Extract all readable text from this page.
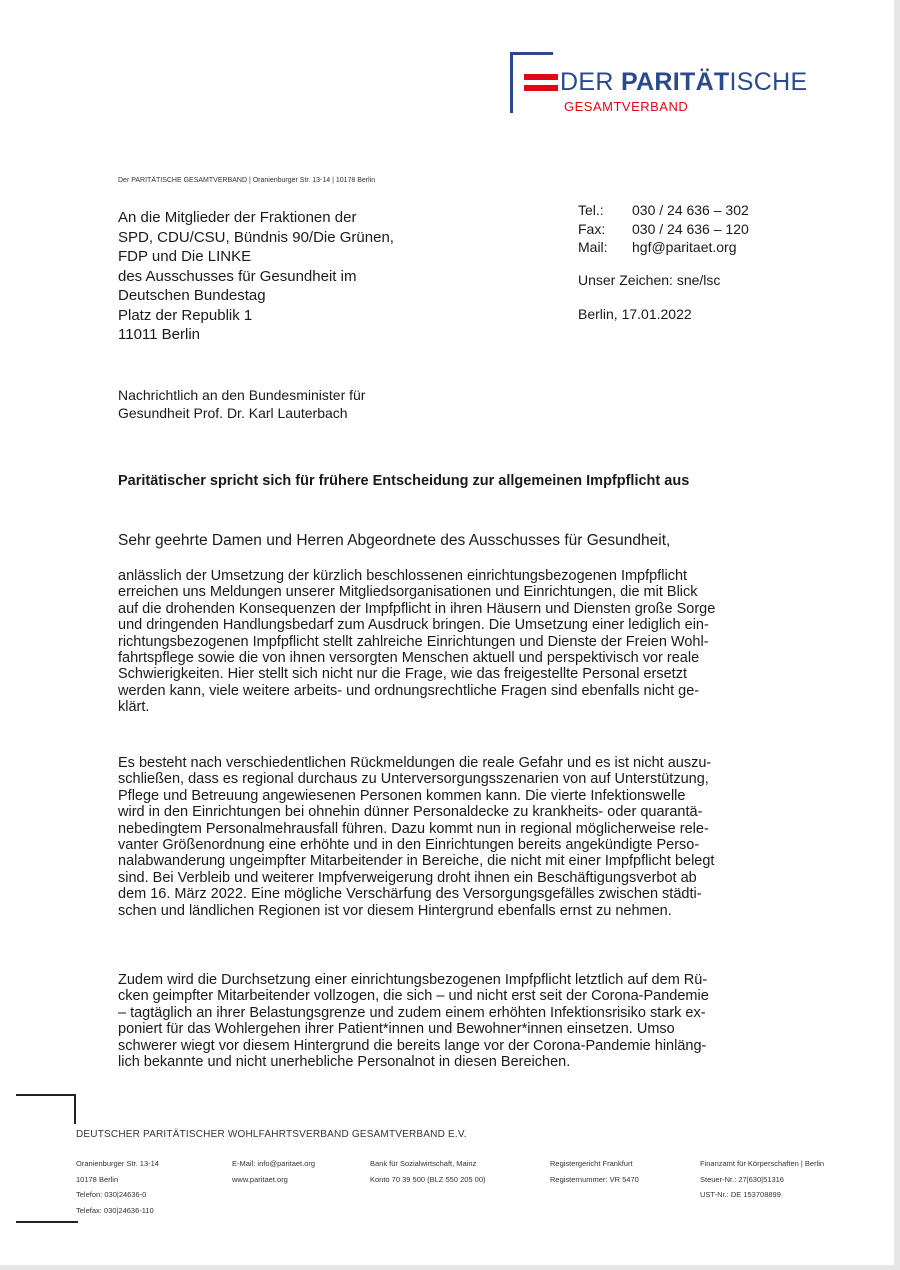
DER PARITÄTISCHE
GESAMTVERBAND
Der PARITÄTISCHE GESAMTVERBAND | Oranienburger Str. 13-14 | 10178 Berlin
An die Mitglieder der Fraktionen der
SPD, CDU/CSU, Bündnis 90/Die Grünen,
FDP und Die LINKE
des Ausschusses für Gesundheit im
Deutschen Bundestag
Platz der Republik 1
11011 Berlin
Tel.: 030 / 24 636 – 302
Fax: 030 / 24 636 – 120
Mail: hgf@paritaet.org
Unser Zeichen: sne/lsc
Berlin, 17.01.2022
Nachrichtlich an den Bundesminister für
Gesundheit Prof. Dr. Karl Lauterbach
Paritätischer spricht sich für frühere Entscheidung zur allgemeinen Impfpflicht aus
Sehr geehrte Damen und Herren Abgeordnete des Ausschusses für Gesundheit,
anlässlich der Umsetzung der kürzlich beschlossenen einrichtungsbezogenen Impfpflicht
erreichen uns Meldungen unserer Mitgliedsorganisationen und Einrichtungen, die mit Blick
auf die drohenden Konsequenzen der Impfpflicht in ihren Häusern und Diensten große Sorge
und dringenden Handlungsbedarf zum Ausdruck bringen. Die Umsetzung einer lediglich ein-
richtungsbezogenen Impfpflicht stellt zahlreiche Einrichtungen und Dienste der Freien Wohl-
fahrtspflege sowie die von ihnen versorgten Menschen aktuell und perspektivisch vor reale
Schwierigkeiten. Hier stellt sich nicht nur die Frage, wie das freigestellte Personal ersetzt
werden kann, viele weitere arbeits- und ordnungsrechtliche Fragen sind ebenfalls nicht ge-
klärt.
Es besteht nach verschiedentlichen Rückmeldungen die reale Gefahr und es ist nicht auszu-
schließen, dass es regional durchaus zu Unterversorgungsszenarien von auf Unterstützung,
Pflege und Betreuung angewiesenen Personen kommen kann. Die vierte Infektionswelle
wird in den Einrichtungen bei ohnehin dünner Personaldecke zu krankheits- oder quarantä-
nebedingtem Personalmehrausfall führen. Dazu kommt nun in regional möglicherweise rele-
vanter Größenordnung eine erhöhte und in den Einrichtungen bereits angekündigte Perso-
nalabwanderung ungeimpfter Mitarbeitender in Bereiche, die nicht mit einer Impfpflicht belegt
sind. Bei Verbleib und weiterer Impfverweigerung droht ihnen ein Beschäftigungsverbot ab
dem 16. März 2022. Eine mögliche Verschärfung des Versorgungsgefälles zwischen städti-
schen und ländlichen Regionen ist vor diesem Hintergrund ebenfalls ernst zu nehmen.
Zudem wird die Durchsetzung einer einrichtungsbezogenen Impfpflicht letztlich auf dem Rü-
cken geimpfter Mitarbeitender vollzogen, die sich – und nicht erst seit der Corona-Pandemie
– tagtäglich an ihrer Belastungsgrenze und zudem einem erhöhten Infektionsrisiko stark ex-
poniert für das Wohlergehen ihrer Patient*innen und Bewohner*innen einsetzen. Umso
schwerer wiegt vor diesem Hintergrund die bereits lange vor der Corona-Pandemie hinläng-
lich bekannte und nicht unerhebliche Personalnot in diesen Bereichen.
DEUTSCHER PARITÄTISCHER WOHLFAHRTSVERBAND GESAMTVERBAND E.V.
Oranienburger Str. 13-14
10178 Berlin
Telefon: 030|24636-0
Telefax: 030|24636-110
E-Mail: info@paritaet.org
www.paritaet.org
Bank für Sozialwirtschaft, Mainz
Konto 70 39 500 (BLZ 550 205 00)
Registergericht Frankfurt
Registernummer: VR 5470
Finanzamt für Körperschaften | Berlin
Steuer-Nr.: 27|630|51316
UST-Nr.: DE 153708899
